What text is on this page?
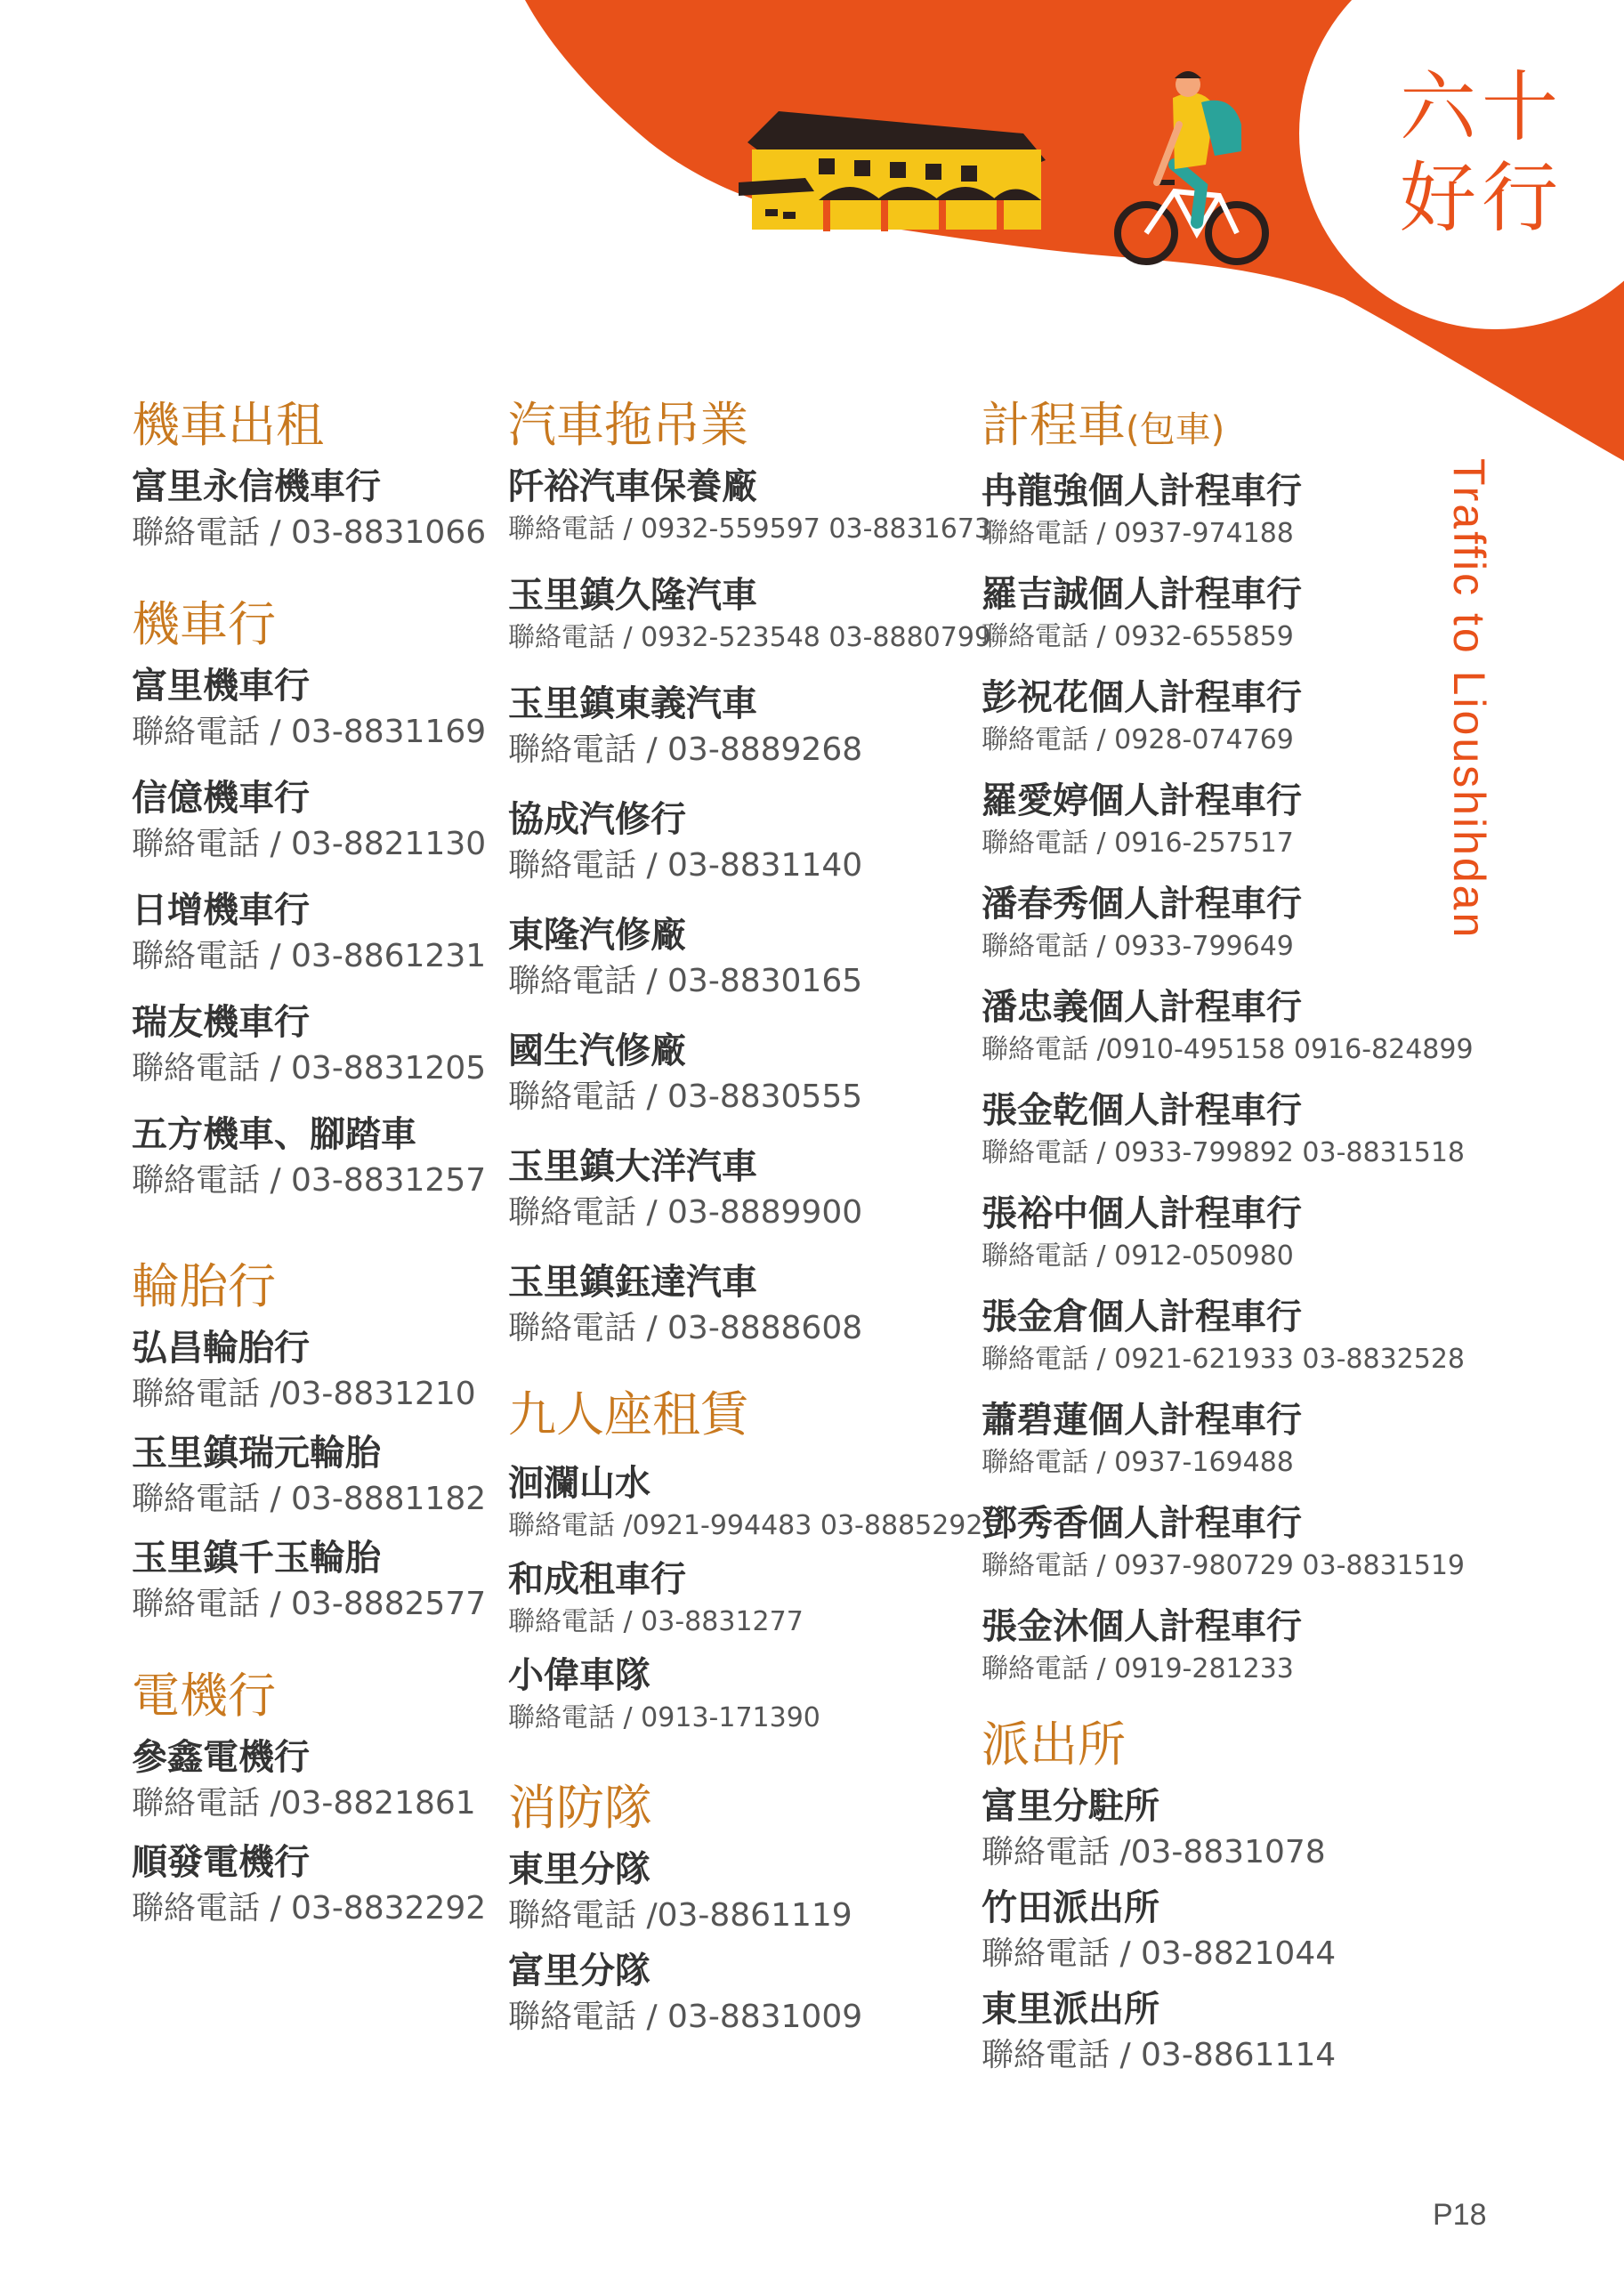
六十
好行
Traffic to Lioushihdan
機車出租
富里永信機車行
聯絡電話 / 03-8831066
機車行
富里機車行
聯絡電話 / 03-8831169
信億機車行
聯絡電話 / 03-8821130
日增機車行
聯絡電話 / 03-8861231
瑞友機車行
聯絡電話 / 03-8831205
五方機車、腳踏車
聯絡電話 / 03-8831257
輪胎行
弘昌輪胎行
聯絡電話 /03-8831210
玉里鎮瑞元輪胎
聯絡電話 / 03-8881182
玉里鎮千玉輪胎
聯絡電話 / 03-8882577
電機行
參鑫電機行
聯絡電話 /03-8821861
順發電機行
聯絡電話 / 03-8832292
汽車拖吊業
阡裕汽車保養廠
聯絡電話 / 0932-559597 03-8831673
玉里鎮久隆汽車
聯絡電話 / 0932-523548 03-8880799
玉里鎮東義汽車
聯絡電話 / 03-8889268
協成汽修行
聯絡電話 / 03-8831140
東隆汽修廠
聯絡電話 / 03-8830165
國生汽修廠
聯絡電話 / 03-8830555
玉里鎮大洋汽車
聯絡電話 / 03-8889900
玉里鎮鈺達汽車
聯絡電話 / 03-8888608
九人座租賃
洄瀾山水
聯絡電話 /0921-994483 03-8885292
和成租車行
聯絡電話 / 03-8831277
小偉車隊
聯絡電話 / 0913-171390
消防隊
東里分隊
聯絡電話 /03-8861119
富里分隊
聯絡電話 / 03-8831009
計程車(包車)
冉龍強個人計程車行
聯絡電話 / 0937-974188
羅吉誠個人計程車行
聯絡電話 / 0932-655859
彭祝花個人計程車行
聯絡電話 / 0928-074769
羅愛婷個人計程車行
聯絡電話 / 0916-257517
潘春秀個人計程車行
聯絡電話 / 0933-799649
潘忠義個人計程車行
聯絡電話 /0910-495158 0916-824899
張金乾個人計程車行
聯絡電話 / 0933-799892 03-8831518
張裕中個人計程車行
聯絡電話 / 0912-050980
張金倉個人計程車行
聯絡電話 / 0921-621933 03-8832528
蕭碧蓮個人計程車行
聯絡電話 / 0937-169488
鄧秀香個人計程車行
聯絡電話 / 0937-980729 03-8831519
張金沐個人計程車行
聯絡電話 / 0919-281233
派出所
富里分駐所
聯絡電話 /03-8831078
竹田派出所
聯絡電話 / 03-8821044
東里派出所
聯絡電話 / 03-8861114
P18
